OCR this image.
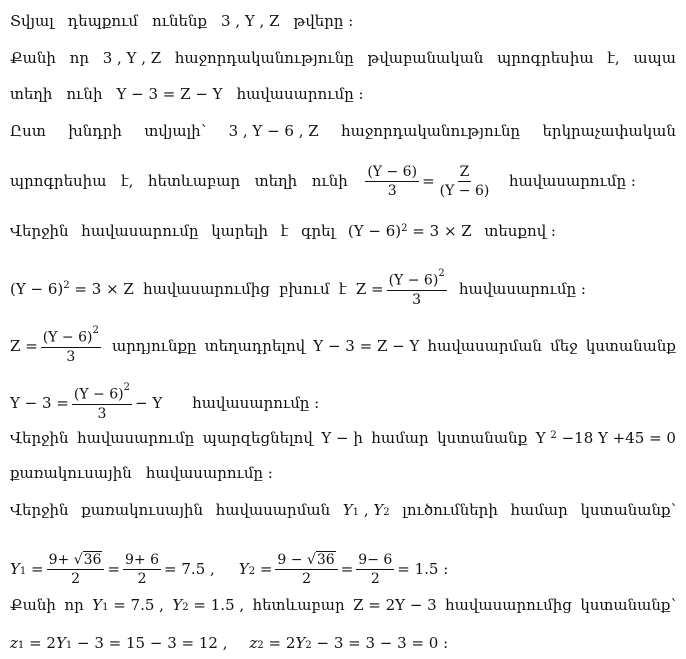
Տվյալ դեպքում ունենք 3 , Y , Z թվերը :
Քանի որ 3 , Y , Z հաջորդականությունը թվաբանական պրոգրեսիա է, ապա
տեղի ունի Y − 3 = Z − Y հավասարումը :
Ըստ խնդրի տվյալի՝ 3 , Y − 6 , Z հաջորդականությունը երկրաչափական
պրոգրեսիա է, հետևաբար տեղի ունի $\frac{(Y - 6)}{3} = \frac{Z}{(Y - 6)}$ հավասարումը :
Վերջին հավասարումը կարելի է գրել $(Y - 6)^2$
= 3 × Z տեսքով :
$(Y - 6)^2$
= 3 × Z հավասարումից բխում է $Z = \frac{(Y - 6)^2}{3}$ հավասարումը :
$Z = \frac{(Y - 6)^2}{3}$ արդյունքը տեղադրելով Y − 3 = Z − Y հավասարման մեջ կստանանք
$Y - 3 = \frac{(Y - 6)^2}{3} - Y$ հավասարումը :
Վերջին հավասարումը պարզեցնելով Y − ի համար կստանանք Y
$^2$
−18 Y +45 = 0
քառակուսային հավասարումը :
Վերջին քառակուսային հավասարման $Y_1$
,
$Y_2$ լուծումների համար կստանանք՝
$Y_1 = \frac{9+ √36}{2} = \frac{9+ 6}{2} = 7.5$ , $Y_2 = \frac{9 - √36}{2} = \frac{9- 6}{2} = 1.5$ :
Քանի որ $Y_1$
= 7.5 , $Y_2$
= 1.5 , հետևաբար Z = 2Y − 3 հավասարումից կստանանք՝
$z_1$
= 2 $Y_1$
− 3 = 15 − 3 = 12 , $z_2$
= 2 $Y_2$
− 3 = 3 − 3 = 0 :
